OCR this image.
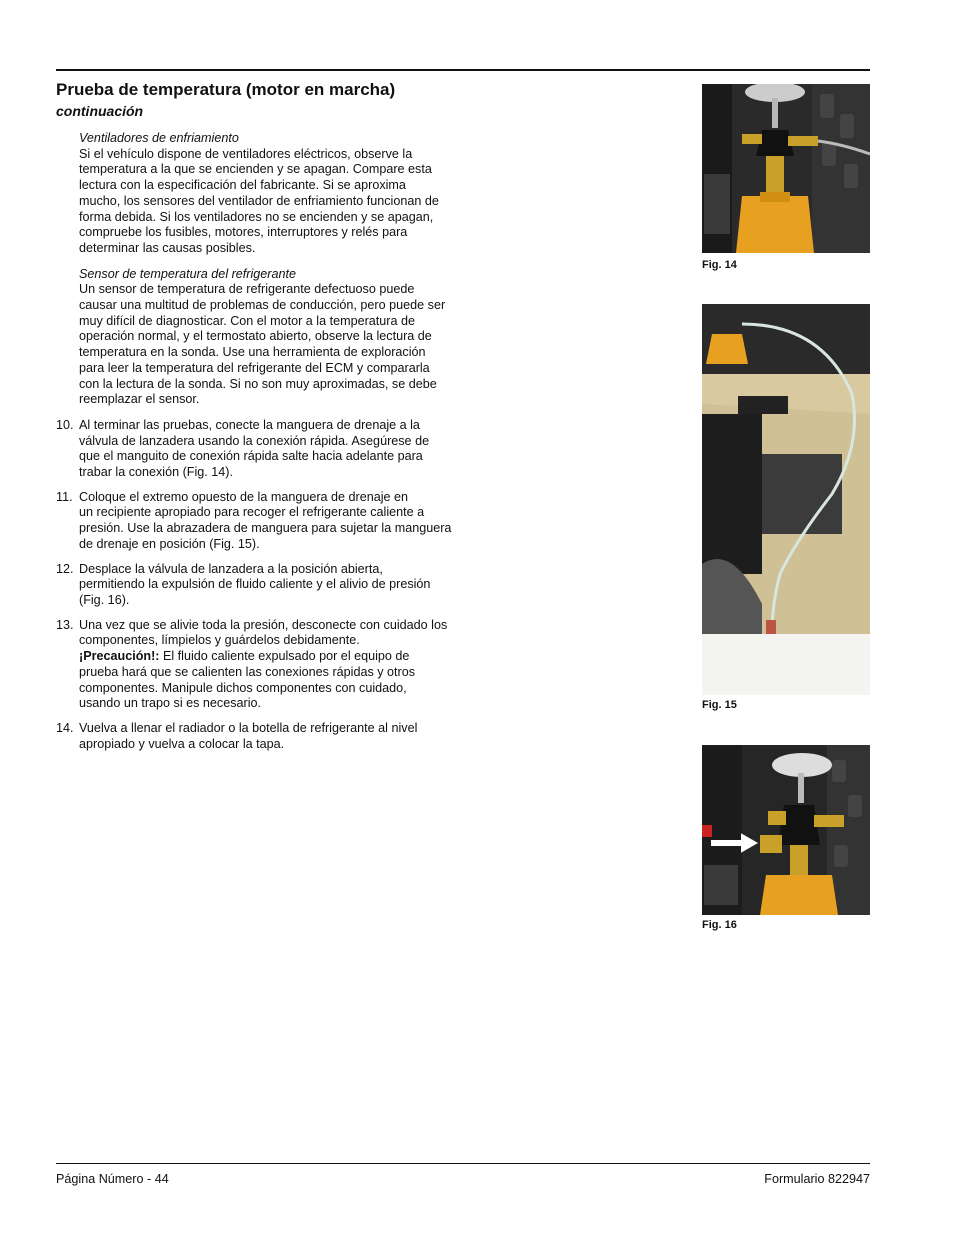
Prueba de temperatura (motor en marcha)
continuación
Ventiladores de enfriamiento
Si el vehículo dispone de ventiladores eléctricos, observe la
temperatura a la que se encienden y se apagan. Compare esta
lectura con la especificación del fabricante. Si se aproxima
mucho, los sensores del ventilador de enfriamiento funcionan de
forma debida. Si los ventiladores no se encienden y se apagan,
compruebe los fusibles, motores, interruptores y relés para
determinar las causas posibles.
Sensor de temperatura del refrigerante
Un sensor de temperatura de refrigerante defectuoso puede
causar una multitud de problemas de conducción, pero puede ser
muy difícil de diagnosticar. Con el motor a la temperatura de
operación normal, y el termostato abierto, observe la lectura de
temperatura en la sonda. Use una herramienta de exploración
para leer la temperatura del refrigerante del ECM y compararla
con la lectura de la sonda. Si no son muy aproximadas, se debe
reemplazar el sensor.
10. Al terminar las pruebas, conecte la manguera de drenaje a la
válvula de lanzadera usando la conexión rápida. Asegúrese de
que el manguito de conexión rápida salte hacia adelante para
trabar la conexión (Fig. 14).
11. Coloque el extremo opuesto de la manguera de drenaje en
un recipiente apropiado para recoger el refrigerante caliente a
presión. Use la abrazadera de manguera para sujetar la manguera
de drenaje en posición (Fig. 15).
12. Desplace la válvula de lanzadera a la posición abierta,
permitiendo la expulsión de fluido caliente y el alivio de presión
(Fig. 16).
13. Una vez que se alivie toda la presión, desconecte con cuidado los
componentes, límpielos y guárdelos debidamente.
¡Precaución!: El fluido caliente expulsado por el equipo de
prueba hará que se calienten las conexiones rápidas y otros
componentes. Manipule dichos componentes con cuidado,
usando un trapo si es necesario.
14. Vuelva a llenar el radiador o la botella de refrigerante al nivel
apropiado y vuelva a colocar la tapa.
Fig. 14
Fig. 15
Fig. 16
Página Número - 44	Formulario 822947
